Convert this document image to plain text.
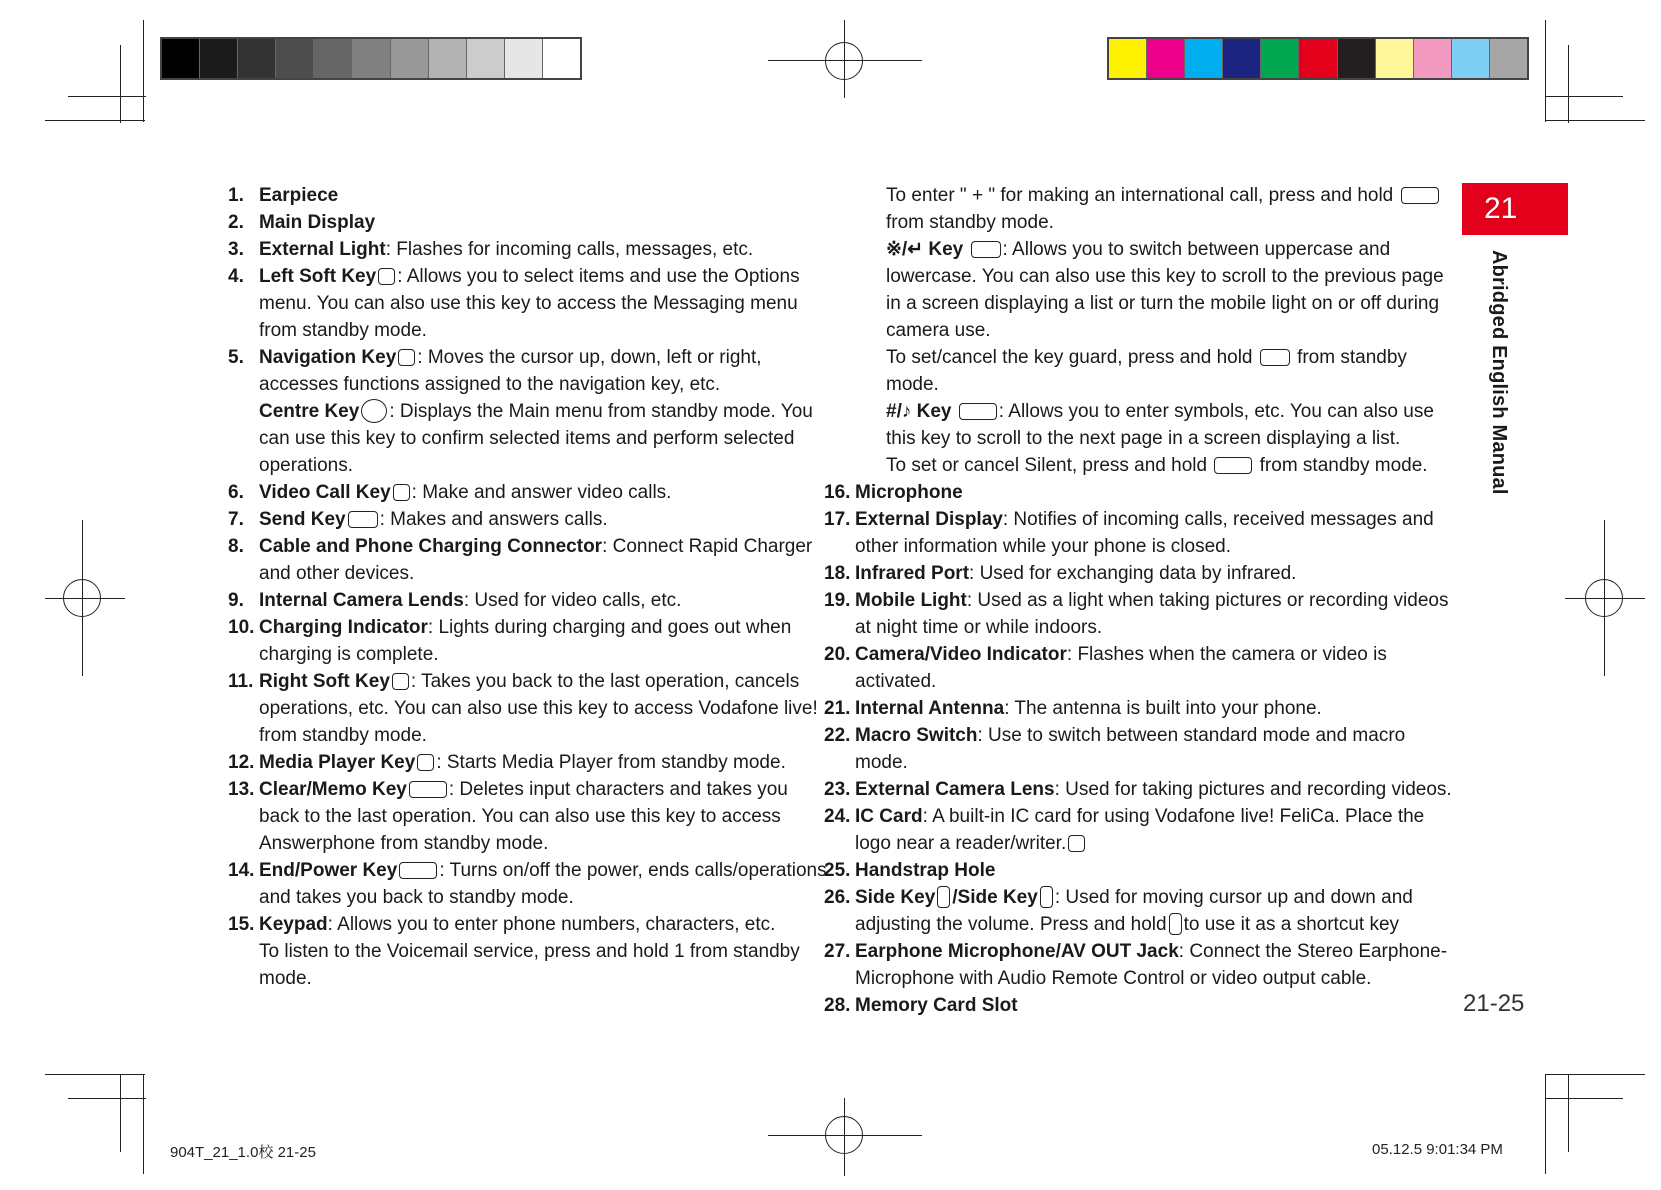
1. Earpiece
2. Main Display
3. External Light: Flashes for incoming calls, messages, etc.
4. Left Soft Key : Allows you to select items and use the Options menu. You can also use this key to access the Messaging menu from standby mode.
5. Navigation Key : Moves the cursor up, down, left or right, accesses functions assigned to the navigation key, etc.
Centre Key : Displays the Main menu from standby mode. You can use this key to confirm selected items and perform selected operations.
6. Video Call Key : Make and answer video calls.
7. Send Key : Makes and answers calls.
8. Cable and Phone Charging Connector: Connect Rapid Charger and other devices.
9. Internal Camera Lends: Used for video calls, etc.
10. Charging Indicator: Lights during charging and goes out when charging is complete.
11. Right Soft Key : Takes you back to the last operation, cancels operations, etc. You can also use this key to access Vodafone live! from standby mode.
12. Media Player Key : Starts Media Player from standby mode.
13. Clear/Memo Key : Deletes input characters and takes you back to the last operation. You can also use this key to access Answerphone from standby mode.
14. End/Power Key : Turns on/off the power, ends calls/operations and takes you back to standby mode.
15. Keypad: Allows you to enter phone numbers, characters, etc.
To listen to the Voicemail service, press and hold 1 from standby mode.
To enter " + " for making an international call, press and hold  from standby mode.
※/↵ Key : Allows you to switch between uppercase and lowercase. You can also use this key to scroll to the previous page in a screen displaying a list or turn the mobile light on or off during camera use.
To set/cancel the key guard, press and hold from standby mode.
#/♪ Key : Allows you to enter symbols, etc. You can also use this key to scroll to the next page in a screen displaying a list.
To set or cancel Silent, press and hold	from standby mode.
16. Microphone
17. External Display: Notifies of incoming calls, received messages and other information while your phone is closed.
18. Infrared Port: Used for exchanging data by infrared.
19. Mobile Light: Used as a light when taking pictures or recording videos at night time or while indoors.
20. Camera/Video Indicator: Flashes when the camera or video is activated.
21. Internal Antenna: The antenna is built into your phone.
22. Macro Switch: Use to switch between standard mode and macro mode.
23. External Camera Lens: Used for taking pictures and recording videos.
24. IC Card: A built-in IC card for using Vodafone live! FeliCa. Place the logo near a reader/writer.
25. Handstrap Hole
26. Side Key /Side Key : Used for moving cursor up and down and adjusting the volume. Press and hold to use it as a shortcut key
27. Earphone Microphone/AV OUT Jack: Connect the Stereo Earphone-Microphone with Audio Remote Control or video output cable.
28. Memory Card Slot
21
Abridged English Manual
21-25
904T_21_1.0校 21-25	05.12.5 9:01:34 PM
